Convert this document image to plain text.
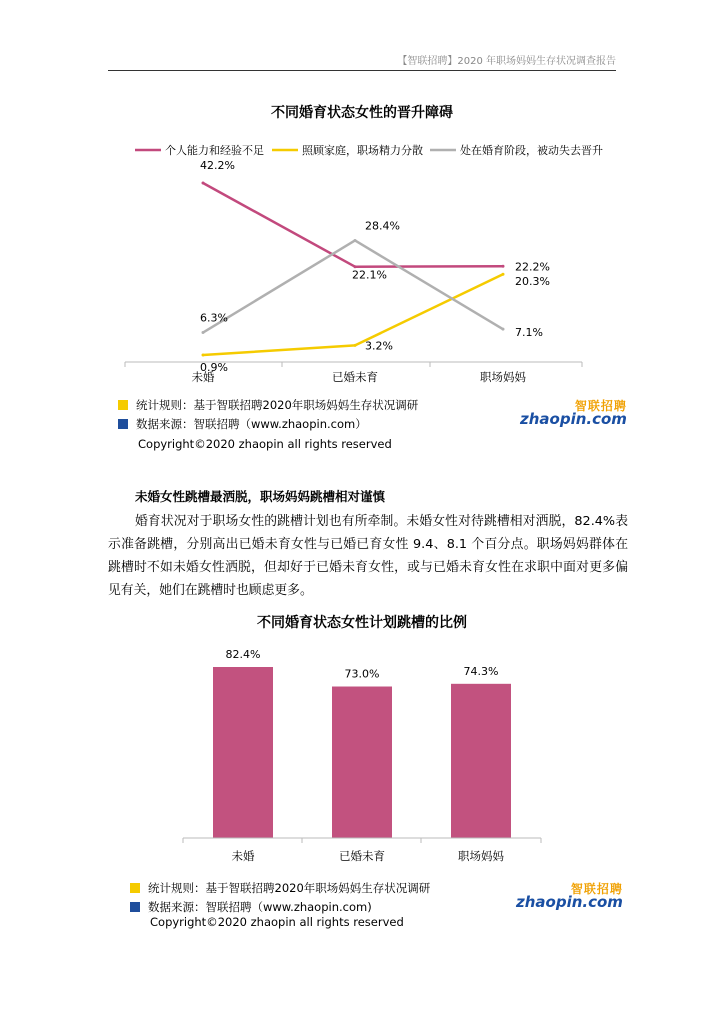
【智联招聘】2020 年职场妈妈生存状况调查报告
不同婚育状态女性的晋升障碍
个人能力和经验不足	照顾家庭，职场精力分散	处在婚育阶段，被动失去晋升
未婚	已婚未育	职场妈妈
42.2%
22.1%
22.2%
0.9%
3.2%
20.3%
6.3%
28.4%
7.1%
统计规则：基于智联招聘2020年职场妈妈生存状况调研
数据来源：智联招聘（www.zhaopin.com）
智联招聘
zhaopin.com
Copyright©2020 zhaopin all rights reserved
未婚女性跳槽最洒脱，职场妈妈跳槽相对谨慎
婚育状况对于职场女性的跳槽计划也有所牵制。未婚女性对待跳槽相对洒脱，82.4%表示准备跳槽，分别高出已婚未育女性与已婚已育女性 9.4、8.1 个百分点。职场妈妈群体在跳槽时不如未婚女性洒脱，但却好于已婚未育女性，或与已婚未育女性在求职中面对更多偏见有关，她们在跳槽时也顾虑更多。
不同婚育状态女性计划跳槽的比例
82.4%
未婚
73.0%
已婚未育
74.3%
职场妈妈
统计规则：基于智联招聘2020年职场妈妈生存状况调研
数据来源：智联招聘（www.zhaopin.com)
智联招聘
zhaopin.com
Copyright©2020 zhaopin all rights reserved
